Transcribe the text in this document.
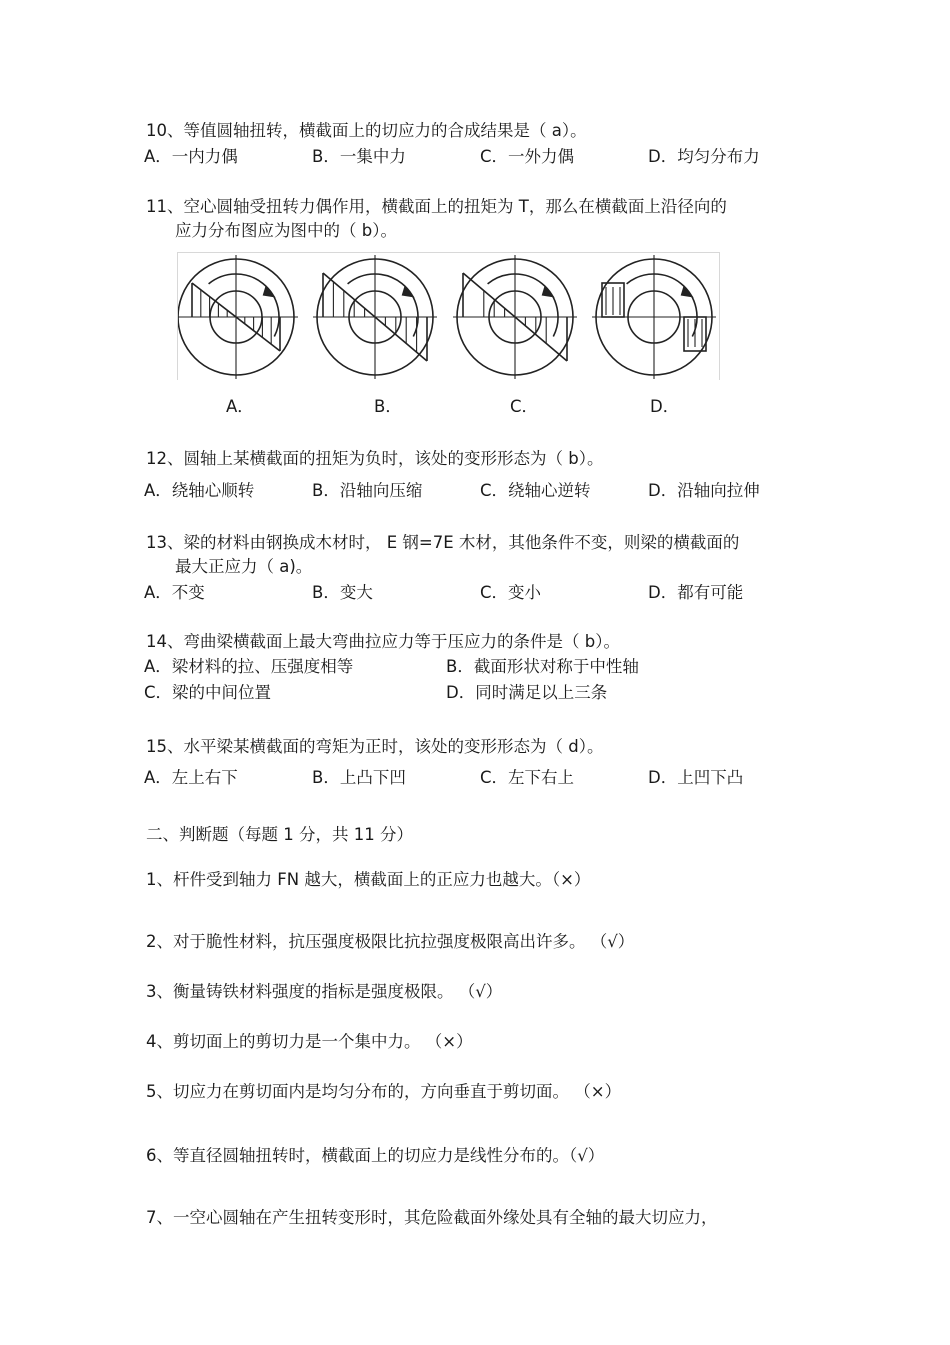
10、等值圆轴扭转，横截面上的切应力的合成结果是（ a）。
A．一内力偶	B．一集中力	C．一外力偶	D．均匀分布力
11、空心圆轴受扭转力偶作用，横截面上的扭矩为 T，那么在横截面上沿径向的
应力分布图应为图中的（ b）。
A．	B．	C．	D．
12、圆轴上某横截面的扭矩为负时，该处的变形形态为（ b）。
A．绕轴心顺转	B．沿轴向压缩	C．绕轴心逆转	D．沿轴向拉伸
13、梁的材料由钢换成木材时， E 钢=7E 木材，其他条件不变，则梁的横截面的
最大正应力（ a)。
A．不变	B．变大	C．变小	D．都有可能
14、弯曲梁横截面上最大弯曲拉应力等于压应力的条件是（ b）。
A．梁材料的拉、压强度相等	B．截面形状对称于中性轴
C．梁的中间位置	D．同时满足以上三条
15、水平梁某横截面的弯矩为正时，该处的变形形态为（ d）。
A．左上右下	B．上凸下凹	C．左下右上	D．上凹下凸
二、判断题（每题 1 分，共 11 分）
1、杆件受到轴力 FN 越大，横截面上的正应力也越大。（×）
2、对于脆性材料，抗压强度极限比抗拉强度极限高出许多。 （√）
3、衡量铸铁材料强度的指标是强度极限。 （√）
4、剪切面上的剪切力是一个集中力。 （×）
5、切应力在剪切面内是均匀分布的，方向垂直于剪切面。 （×）
6、等直径圆轴扭转时，横截面上的切应力是线性分布的。（√）
7、一空心圆轴在产生扭转变形时，其危险截面外缘处具有全轴的最大切应力，
